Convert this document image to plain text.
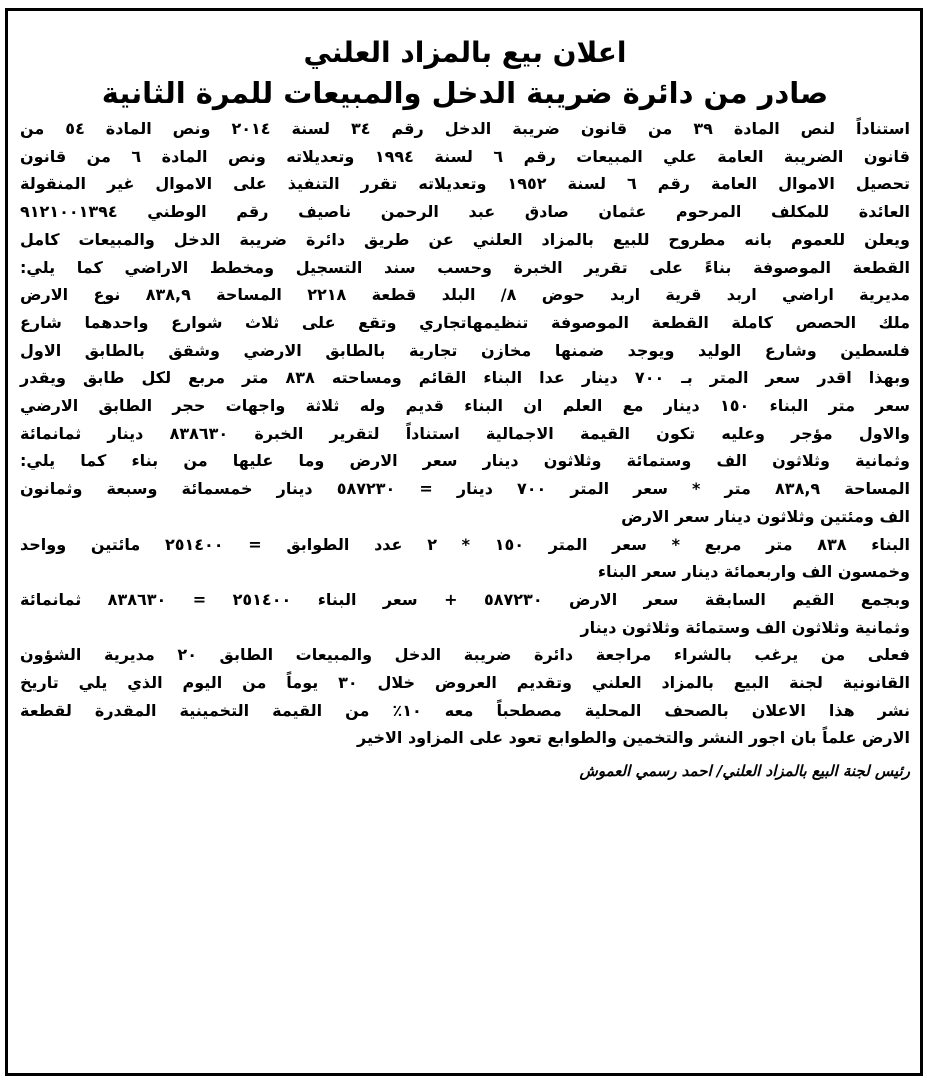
اعلان بيع بالمزاد العلني
صادر من دائرة ضريبة الدخل والمبيعات للمرة الثانية
استناداً لنص المادة ٣٩ من قانون ضريبة الدخل رقم ٣٤ لسنة ٢٠١٤ ونص المادة ٥٤ من
قانون الضريبة العامة علي المبيعات رقم ٦ لسنة ١٩٩٤ وتعديلاته ونص المادة ٦ من قانون
تحصيل الاموال العامة رقم ٦ لسنة ١٩٥٢ وتعديلاته تقرر التنفيذ على الاموال غير المنقولة
العائدة للمكلف المرحوم عثمان صادق عبد الرحمن ناصيف رقم الوطني ٩١٢١٠٠١٣٩٤
ويعلن للعموم بانه مطروح للبيع بالمزاد العلني عن طريق دائرة ضريبة الدخل والمبيعات كامل
القطعة الموصوفة بناءً على تقرير الخبرة وحسب سند التسجيل ومخطط الاراضي كما يلي:
مديرية اراضي اربد قرية اربد حوض ٨/ البلد قطعة ٢٢١٨ المساحة ٨٣٨,٩ نوع الارض
ملك الحصص كاملة القطعة الموصوفة تنظيمهاتجاري وتقع على ثلاث شوارع واحدهما شارع
فلسطين وشارع الوليد ويوجد ضمنها مخازن تجارية بالطابق الارضي وشقق بالطابق الاول
وبهذا اقدر سعر المتر بـ ٧٠٠ دينار عدا البناء القائم ومساحته ٨٣٨ متر مربع لكل طابق ويقدر
سعر متر البناء ١٥٠ دينار مع العلم ان البناء قديم وله ثلاثة واجهات حجر الطابق الارضي
والاول مؤجر وعليه تكون القيمة الاجمالية استناداً لتقرير الخبرة ٨٣٨٦٣٠ دينار ثمانمائة
وثمانية وثلاثون الف وستمائة وثلاثون دينار سعر الارض وما عليها من بناء كما يلي:
المساحة ٨٣٨,٩ متر * سعر المتر ٧٠٠ دينار = ٥٨٧٢٣٠ دينار خمسمائة وسبعة وثمانون
الف ومئتين وثلاثون دينار سعر الارض
البناء ٨٣٨ متر مربع * سعر المتر ١٥٠ * ٢ عدد الطوابق = ٢٥١٤٠٠ مائتين وواحد
وخمسون الف واربعمائة دينار سعر البناء
وبجمع القيم السابقة سعر الارض ٥٨٧٢٣٠ + سعر البناء ٢٥١٤٠٠ = ٨٣٨٦٣٠ ثمانمائة
وثمانية وثلاثون الف وستمائة وثلاثون دينار
فعلى من يرغب بالشراء مراجعة دائرة ضريبة الدخل والمبيعات الطابق ٢٠ مديرية الشؤون
القانونية لجنة البيع بالمزاد العلني وتقديم العروض خلال ٣٠ يوماً من اليوم الذي يلي تاريخ
نشر هذا الاعلان بالصحف المحلية مصطحباً معه ١٠٪ من القيمة التخمينية المقدرة لقطعة
الارض علماً بان اجور النشر والتخمين والطوابع تعود على المزاود الاخير
رئيس لجنة البيع بالمزاد العلني/ احمد رسمي العموش
